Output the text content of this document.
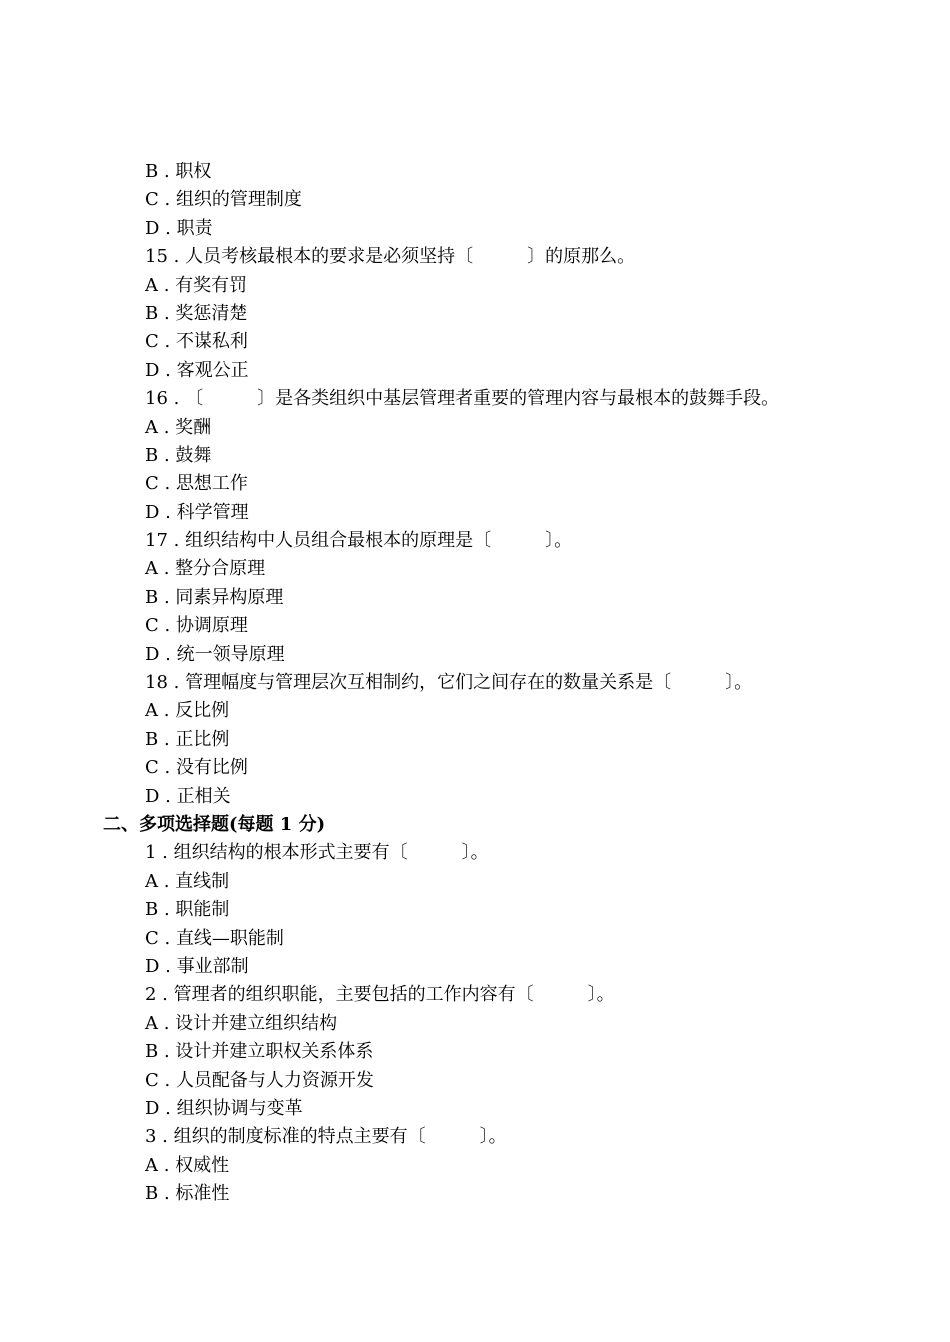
B . 职权
C . 组织的管理制度
D . 职责
15 . 人员考核最根本的要求是必须坚持〔　　　〕的原那么。
A . 有奖有罚
B . 奖惩清楚
C . 不谋私利
D . 客观公正
16 . 〔　　　〕是各类组织中基层管理者重要的管理内容与最根本的鼓舞手段。
A . 奖酬
B . 鼓舞
C . 思想工作
D . 科学管理
17 . 组织结构中人员组合最根本的原理是〔　　　〕。
A . 整分合原理
B . 同素异构原理
C . 协调原理
D . 统一领导原理
18 . 管理幅度与管理层次互相制约，它们之间存在的数量关系是〔　　　〕。
A . 反比例
B . 正比例
C . 没有比例
D . 正相关
二、多项选择题(每题 1 分)
1 . 组织结构的根本形式主要有〔　　　〕。
A . 直线制
B . 职能制
C . 直线—职能制
D . 事业部制
2 . 管理者的组织职能，主要包括的工作内容有〔　　　〕。
A . 设计并建立组织结构
B . 设计并建立职权关系体系
C . 人员配备与人力资源开发
D . 组织协调与变革
3 . 组织的制度标准的特点主要有〔　　　〕。
A . 权威性
B . 标准性
